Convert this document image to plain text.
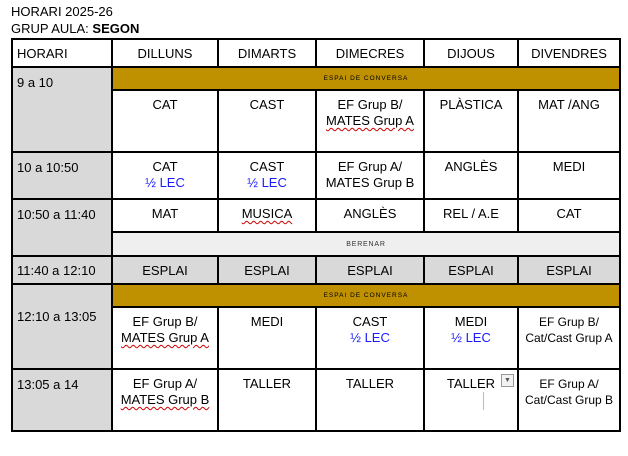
HORARI 2025-26
GRUP AULA: SEGON
HORARI	DILLUNS	DIMARTS	DIMECRES	DIJOUS	DIVENDRES
9 a 10	ESPAI DE CONVERSA				
	CAT	CAST	EF Grup B/
MATES Grup A	PLÀSTICA	MAT /ANG
10 a 10:50	CAT
½ LEC	CAST
½ LEC	EF Grup A/
MATES Grup B	ANGLÈS	MEDI
10:50 a 11:40	MAT	MUSICA	ANGLÈS	REL / A.E	CAT
	BERENAR				
11:40 a 12:10	ESPLAI	ESPLAI	ESPLAI	ESPLAI	ESPLAI
12:10 a 13:05	ESPAI DE CONVERSA				
	EF Grup B/
MATES Grup A	MEDI	CAST
½ LEC	MEDI
½ LEC	EF Grup B/
Cat/Cast Grup A
13:05 a 14	EF Grup A/
MATES Grup B	TALLER	TALLER	TALLER ▼	EF Grup A/
Cat/Cast Grup B
